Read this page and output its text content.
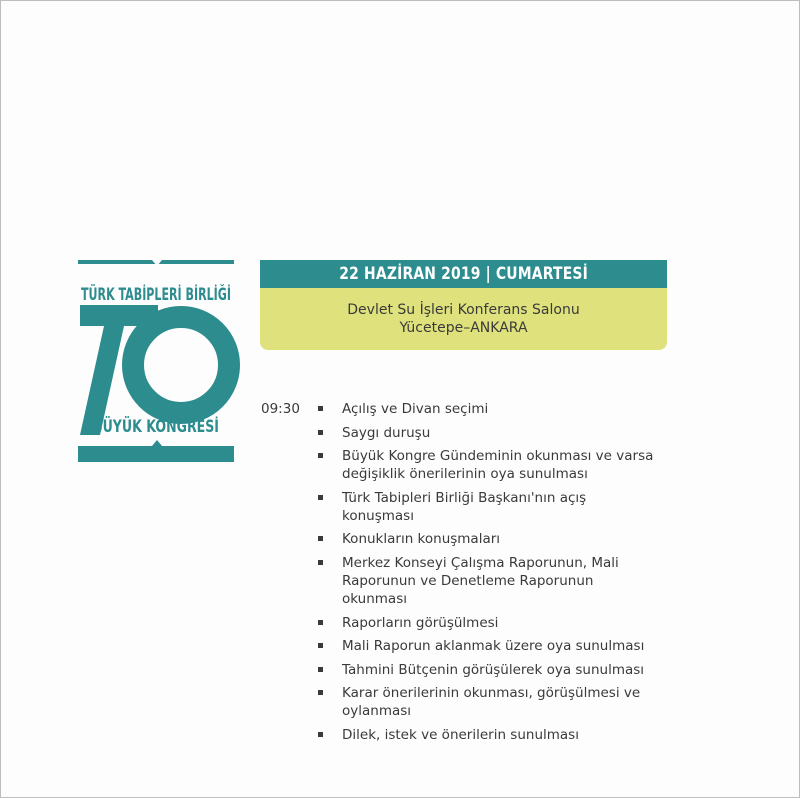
TÜRK TABİPLERİ BİRLİĞİ
BÜYÜK KONGRESİ
22 HAZİRAN 2019 | CUMARTESİ
Devlet Su İşleri Konferans Salonu
Yücetepe–ANKARA
09:30	Açılış ve Divan seçimi
Saygı duruşu
Büyük Kongre Gündeminin okunması ve varsa değişiklik önerilerinin oya sunulması
Türk Tabipleri Birliği Başkanı'nın açış konuşması
Konukların konuşmaları
Merkez Konseyi Çalışma Raporunun, Mali Raporunun ve Denetleme Raporunun okunması
Raporların görüşülmesi
Mali Raporun aklanmak üzere oya sunulması
Tahmini Bütçenin görüşülerek oya sunulması
Karar önerilerinin okunması, görüşülmesi ve oylanması
Dilek, istek ve önerilerin sunulması
